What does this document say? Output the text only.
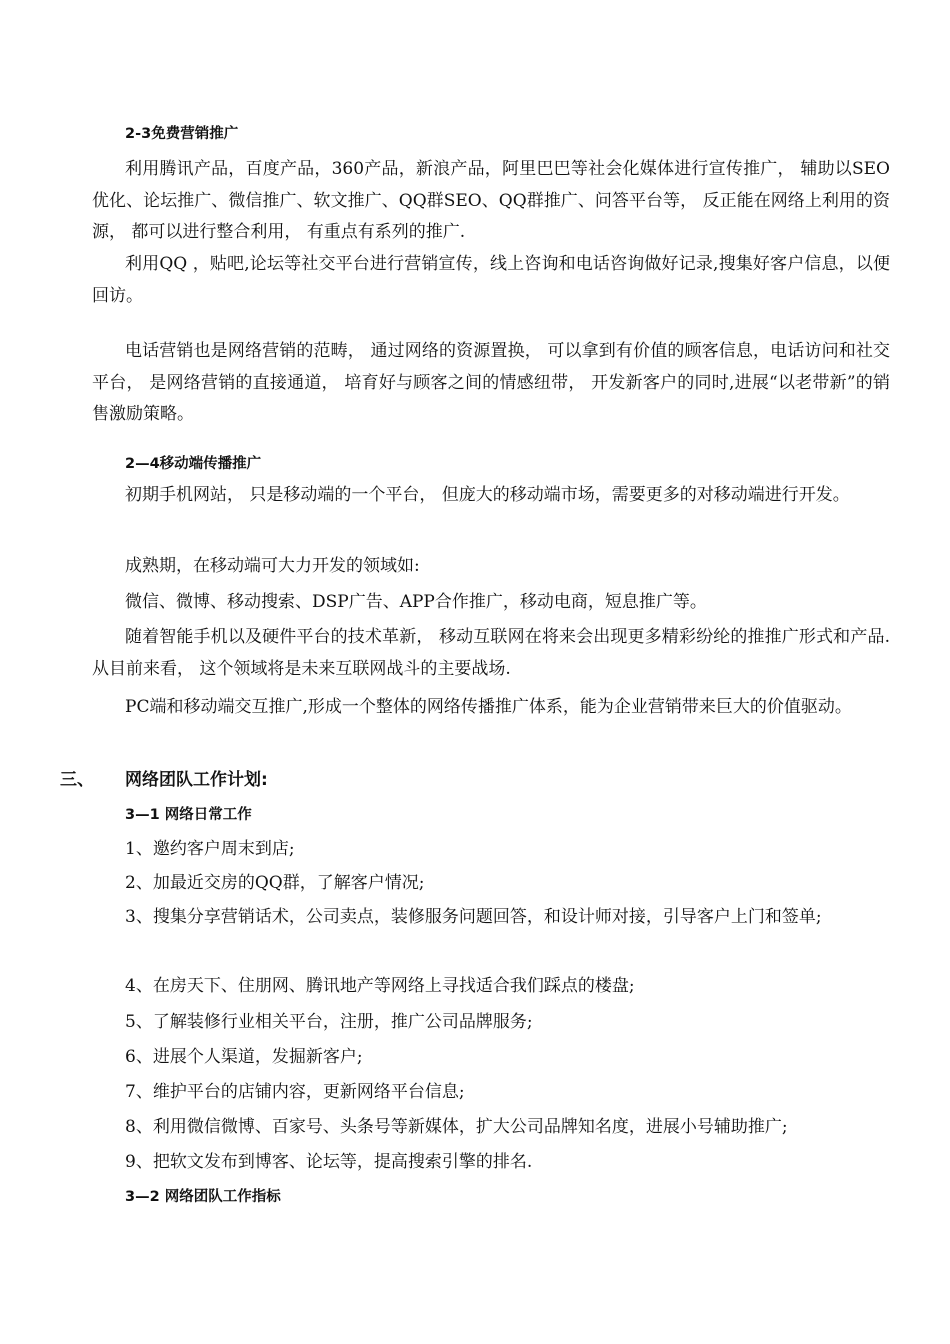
2-3免费营销推广

利用腾讯产品，百度产品，360产品，新浪产品，阿里巴巴等社会化媒体进行宣传推广， 辅助以SEO优化、论坛推广、微信推广、软文推广、QQ群SEO、QQ群推广、问答平台等， 反正能在网络上利用的资源， 都可以进行整合利用， 有重点有系列的推广.

利用QQ ，贴吧,论坛等社交平台进行营销宣传，线上咨询和电话咨询做好记录,搜集好客户信息，以便回访。

电话营销也是网络营销的范畴， 通过网络的资源置换， 可以拿到有价值的顾客信息，电话访问和社交平台， 是网络营销的直接通道， 培育好与顾客之间的情感纽带， 开发新客户的同时,进展“以老带新”的销售激励策略。

2—4移动端传播推广

初期手机网站， 只是移动端的一个平台， 但庞大的移动端市场，需要更多的对移动端进行开发。

成熟期，在移动端可大力开发的领域如:

微信、微博、移动搜索、DSP广告、APP合作推广，移动电商，短息推广等。

随着智能手机以及硬件平台的技术革新， 移动互联网在将来会出现更多精彩纷纶的推推广形式和产品.从目前来看， 这个领域将是未来互联网战斗的主要战场.

PC端和移动端交互推广,形成一个整体的网络传播推广体系，能为企业营销带来巨大的价值驱动。

三、 网络团队工作计划:

3—1 网络日常工作

1、邀约客户周末到店;

2、加最近交房的QQ群，了解客户情况;

3、搜集分享营销话术，公司卖点，装修服务问题回答，和设计师对接，引导客户上门和签单;

4、在房天下、住朋网、腾讯地产等网络上寻找适合我们踩点的楼盘;

5、了解装修行业相关平台，注册，推广公司品牌服务;

6、进展个人渠道，发掘新客户;

7、维护平台的店铺内容，更新网络平台信息;

8、利用微信微博、百家号、头条号等新媒体，扩大公司品牌知名度，进展小号辅助推广;

9、把软文发布到博客、论坛等，提高搜索引擎的排名.

3—2 网络团队工作指标
